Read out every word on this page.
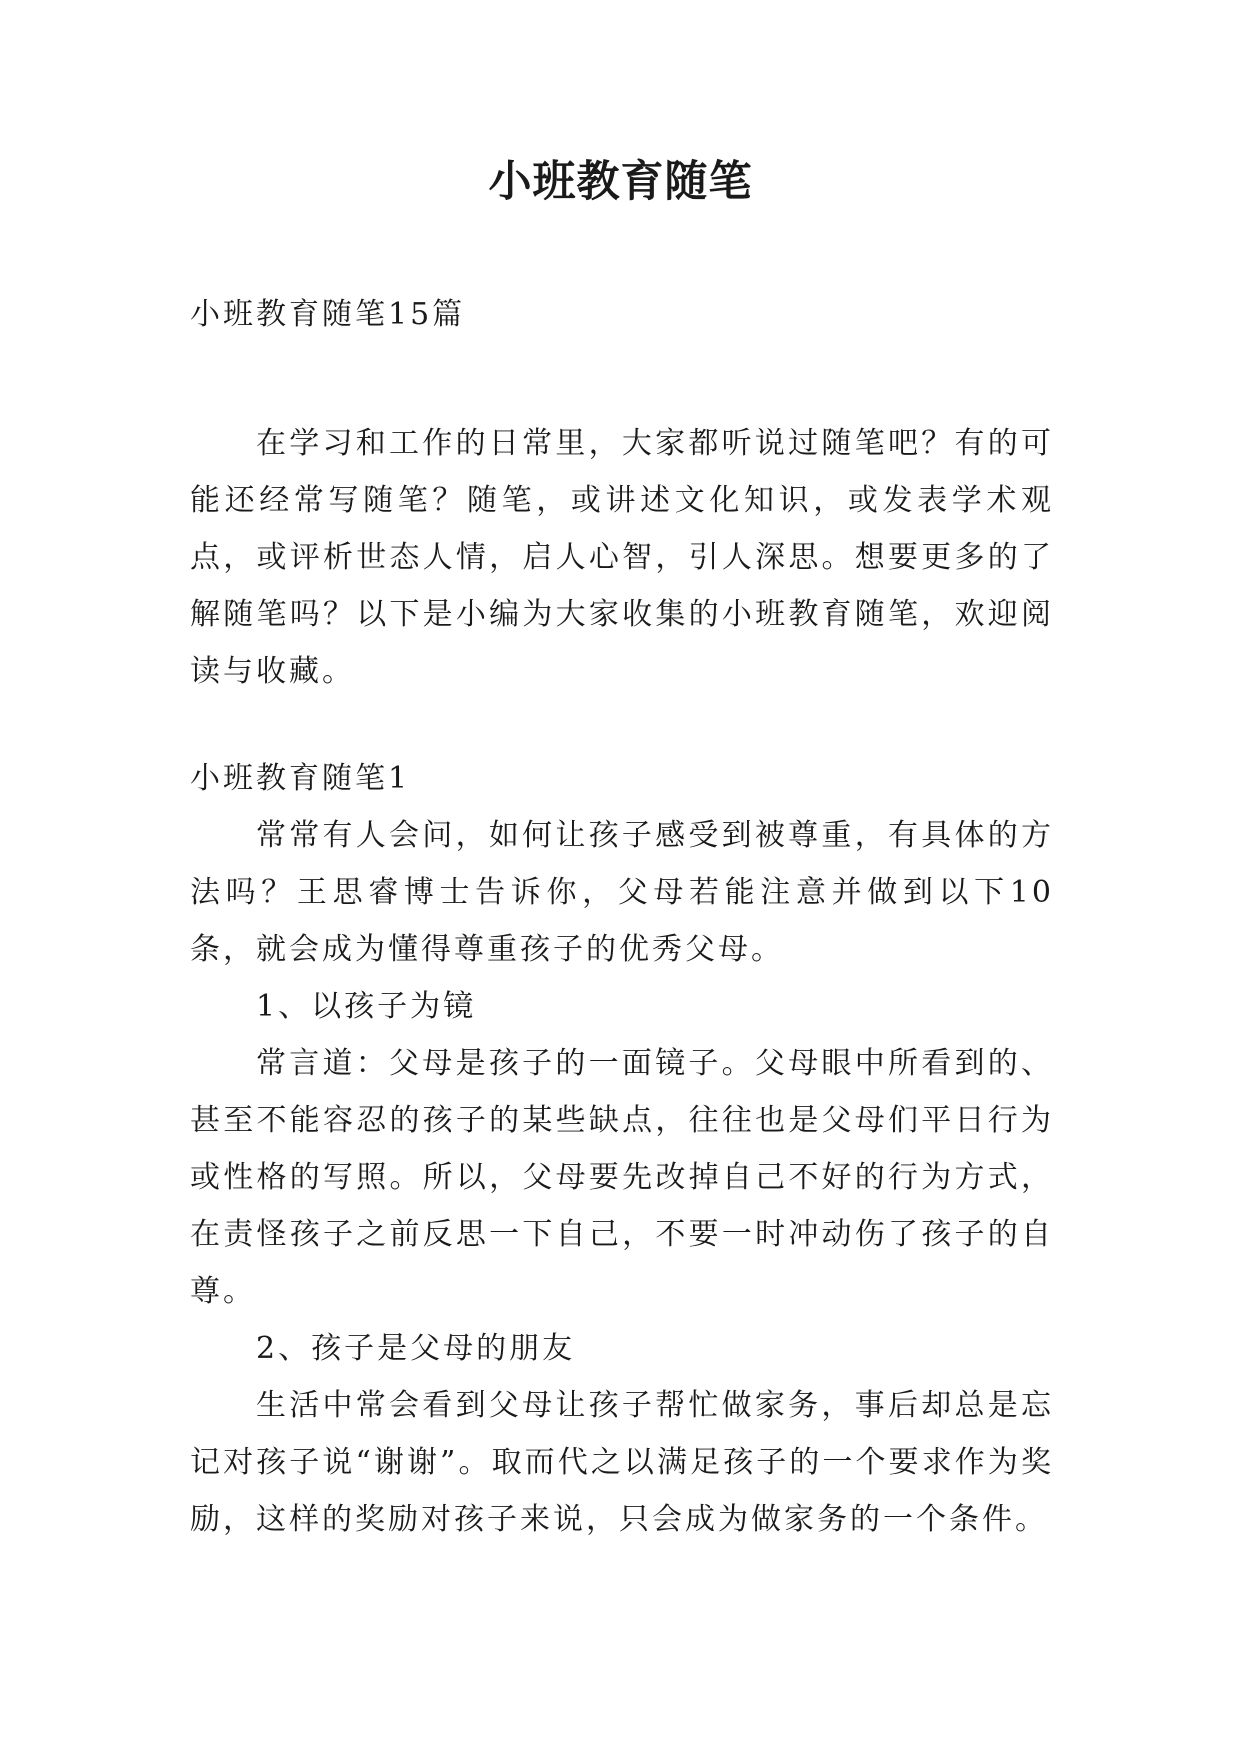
小班教育随笔

小班教育随笔15篇

在学习和工作的日常里，大家都听说过随笔吧？有的可能还经常写随笔？随笔，或讲述文化知识，或发表学术观点，或评析世态人情，启人心智，引人深思。想要更多的了解随笔吗？以下是小编为大家收集的小班教育随笔，欢迎阅读与收藏。

小班教育随笔1

常常有人会问，如何让孩子感受到被尊重，有具体的方法吗？王思睿博士告诉你，父母若能注意并做到以下10条，就会成为懂得尊重孩子的优秀父母。

1、以孩子为镜

常言道：父母是孩子的一面镜子。父母眼中所看到的、甚至不能容忍的孩子的某些缺点，往往也是父母们平日行为或性格的写照。所以，父母要先改掉自己不好的行为方式，在责怪孩子之前反思一下自己，不要一时冲动伤了孩子的自尊。

2、孩子是父母的朋友

生活中常会看到父母让孩子帮忙做家务，事后却总是忘记对孩子说“谢谢”。取而代之以满足孩子的一个要求作为奖励，这样的奖励对孩子来说，只会成为做家务的一个条件。
